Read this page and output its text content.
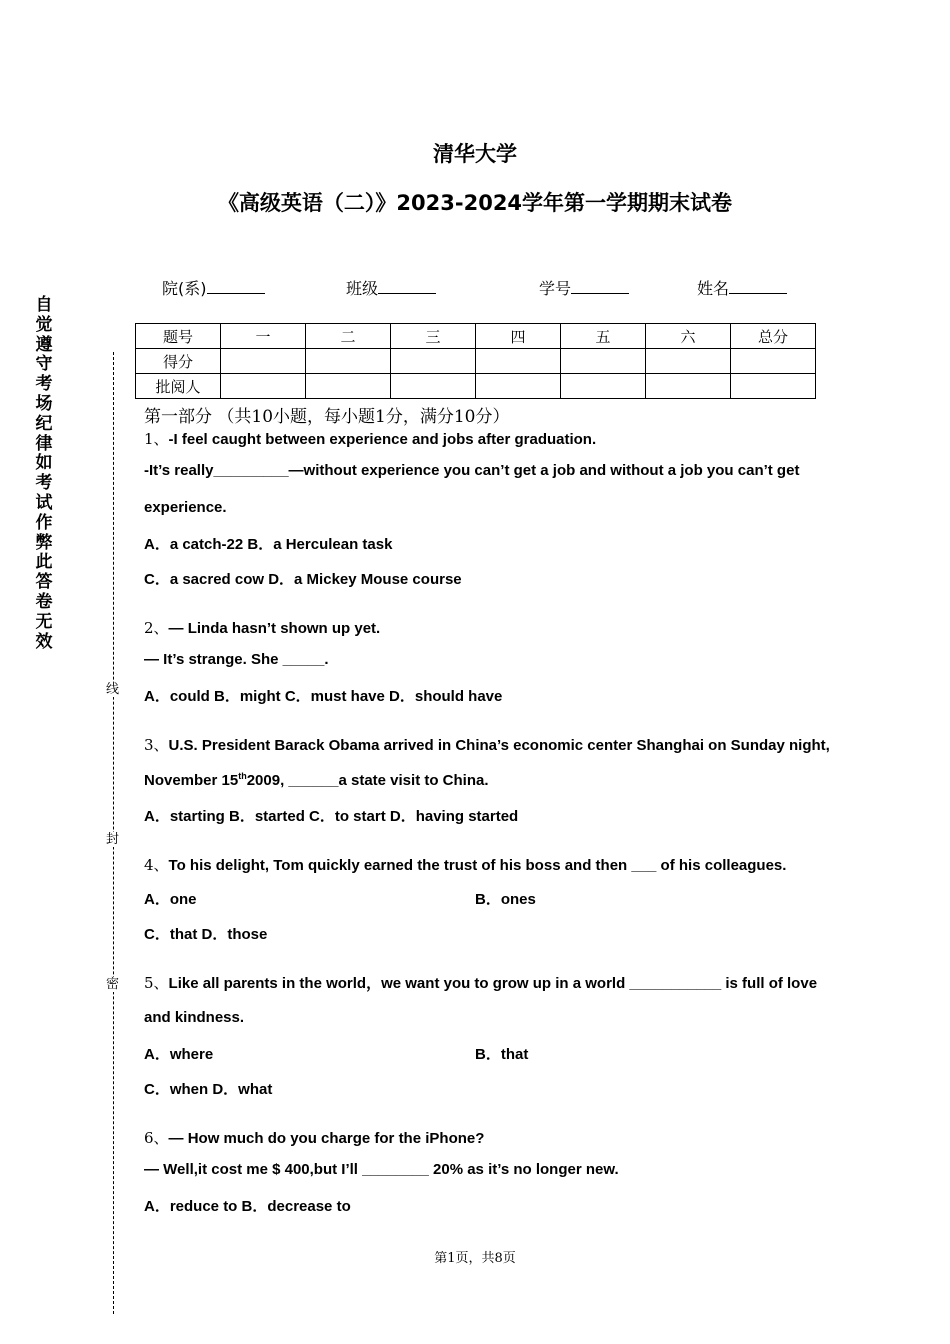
清华大学
《高级英语（二）》2023-2024学年第一学期期末试卷
院(系)	班级	学号	姓名
题号	一	二	三	四	五	六	总分
得分							
批阅人							
自觉遵守考场纪律如考试作弊此答卷无效
线
封
密
第一部分 （共10小题，每小题1分，满分10分）
1、-I feel caught between experience and jobs after graduation.
-It’s really_________—without experience you can’t get a job and without a job you can’t get
experience.
A．a catch-22 B．a Herculean task
C．a sacred cow D．a Mickey Mouse course
2、— Linda hasn’t shown up yet.
— It’s strange. She _____.
A．could B．might C．must have D．should have
3、U.S. President Barack Obama arrived in China’s economic center Shanghai on Sunday night,
November 15th2009, ______a state visit to China.
A．starting B．started C．to start D．having started
4、To his delight, Tom quickly earned the trust of his boss and then ___ of his colleagues.
A．one	B．ones
C．that D．those
5、Like all parents in the world，we want you to grow up in a world ___________ is full of love
and kindness.
A．where	B．that
C．when D．what
6、— How much do you charge for the iPhone?
— Well,it cost me $ 400,but I’ll ________ 20% as it’s no longer new.
A．reduce to B．decrease to
第1页，共8页
